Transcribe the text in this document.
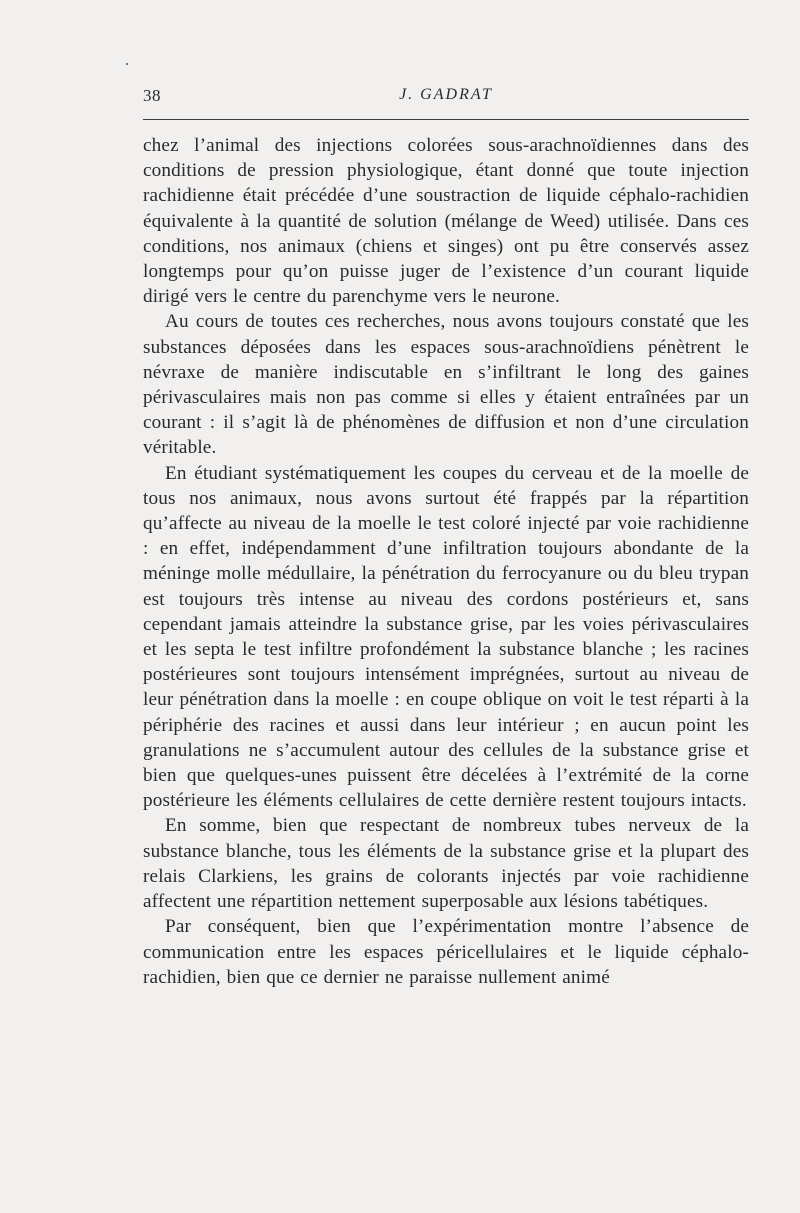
38	J. GADRAT

chez l’animal des injections colorées sous-arachnoïdiennes dans des conditions de pression physiologique, étant donné que toute injection rachidienne était précédée d’une soustraction de liquide céphalo-rachidien équivalente à la quantité de solution (mélange de Weed) utilisée. Dans ces conditions, nos animaux (chiens et singes) ont pu être conservés assez longtemps pour qu’on puisse juger de l’existence d’un courant liquide dirigé vers le centre du parenchyme vers le neurone.

Au cours de toutes ces recherches, nous avons toujours constaté que les substances déposées dans les espaces sous-arachnoïdiens pénètrent le névraxe de manière indiscutable en s’infiltrant le long des gaines périvasculaires mais non pas comme si elles y étaient entraînées par un courant : il s’agit là de phénomènes de diffusion et non d’une circulation véritable.

En étudiant systématiquement les coupes du cerveau et de la moelle de tous nos animaux, nous avons surtout été frappés par la répartition qu’affecte au niveau de la moelle le test coloré injecté par voie rachidienne : en effet, indépendamment d’une infiltration toujours abondante de la méninge molle médullaire, la pénétration du ferrocyanure ou du bleu trypan est toujours très intense au niveau des cordons postérieurs et, sans cependant jamais atteindre la substance grise, par les voies périvasculaires et les septa le test infiltre profondément la substance blanche ; les racines postérieures sont toujours intensément imprégnées, surtout au niveau de leur pénétration dans la moelle : en coupe oblique on voit le test réparti à la périphérie des racines et aussi dans leur intérieur ; en aucun point les granulations ne s’accumulent autour des cellules de la substance grise et bien que quelques-unes puissent être décelées à l’extrémité de la corne postérieure les éléments cellulaires de cette dernière restent toujours intacts.

En somme, bien que respectant de nombreux tubes nerveux de la substance blanche, tous les éléments de la substance grise et la plupart des relais Clarkiens, les grains de colorants injectés par voie rachidienne affectent une répartition nettement superposable aux lésions tabétiques.

Par conséquent, bien que l’expérimentation montre l’absence de communication entre les espaces péricellulaires et le liquide céphalo-rachidien, bien que ce dernier ne paraisse nullement animé
